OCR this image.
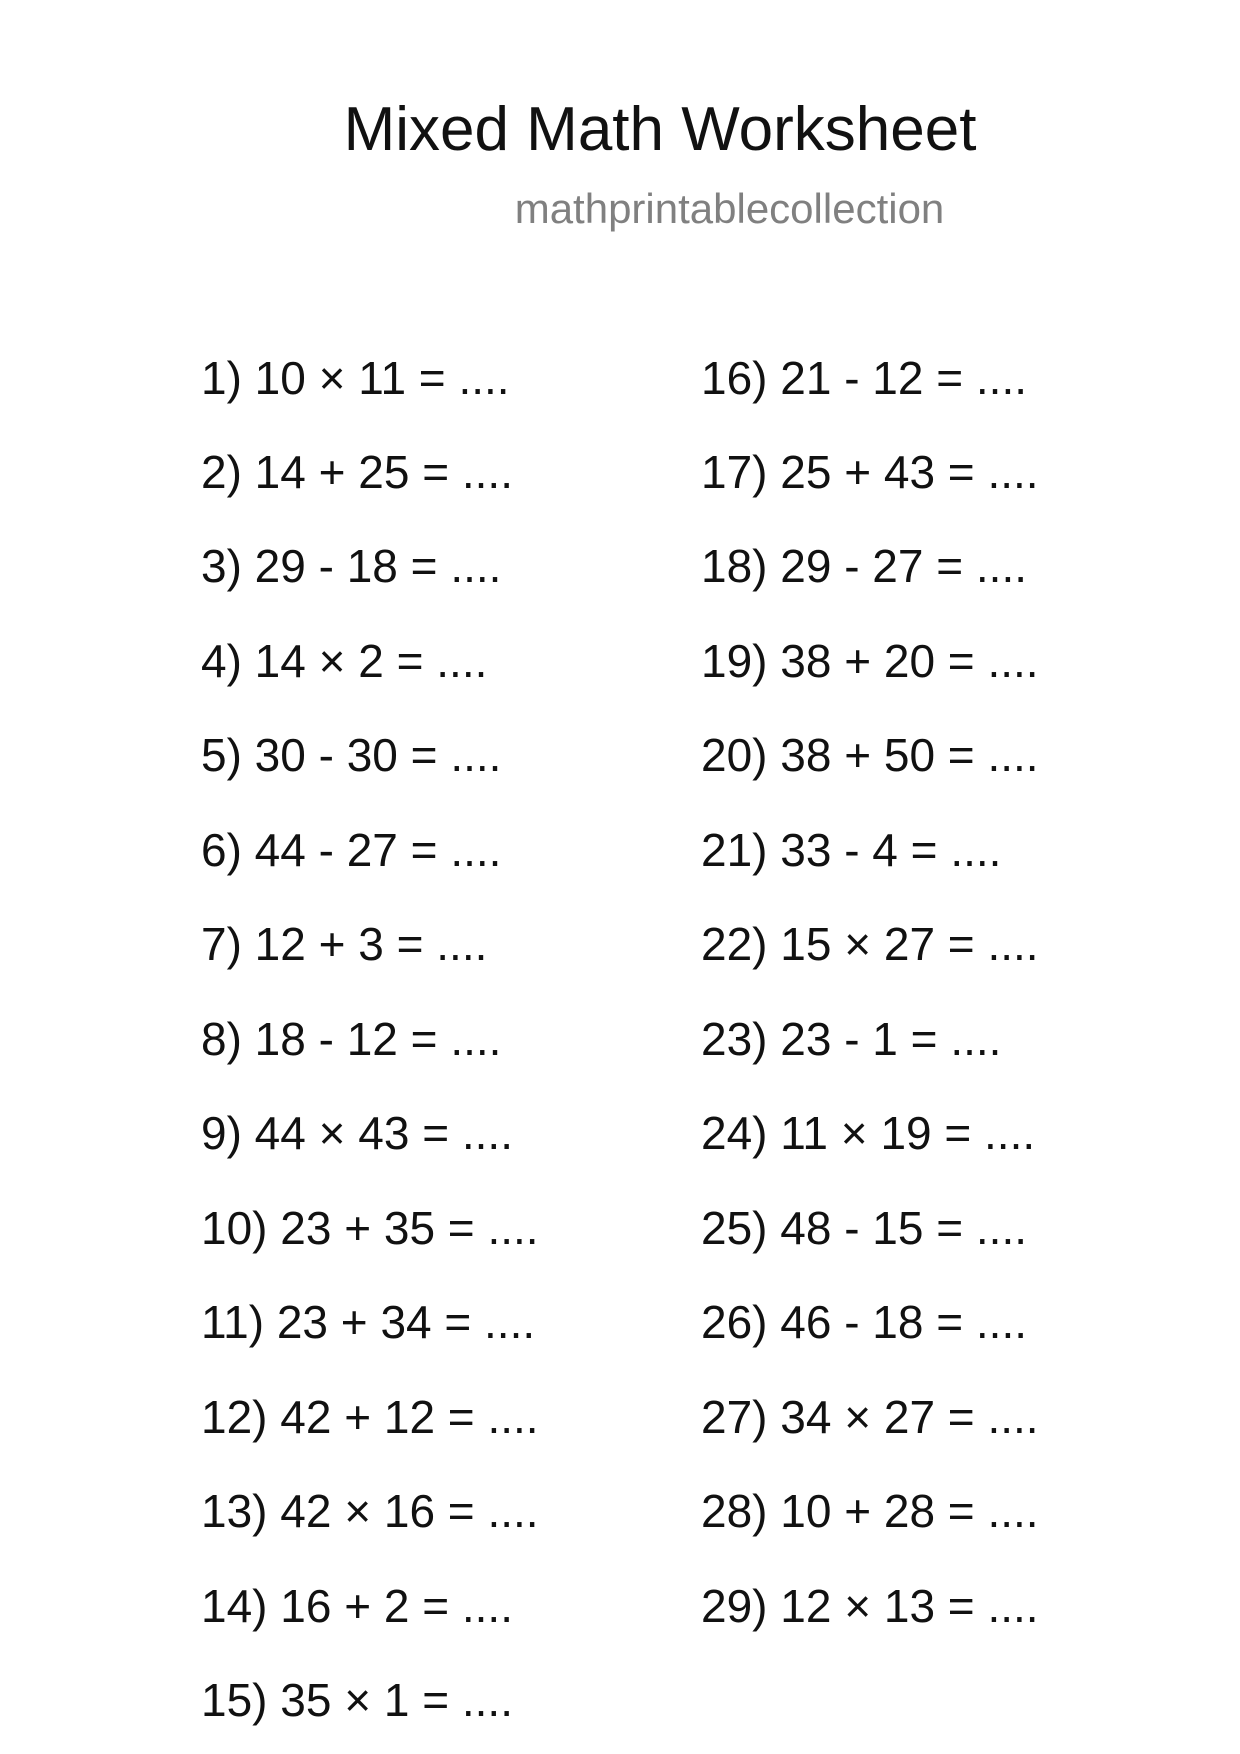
Mixed Math Worksheet
mathprintablecollection
1) 10 × 11 = ....
2) 14 + 25 = ....
3) 29 - 18 = ....
4) 14 × 2 = ....
5) 30 - 30 = ....
6) 44 - 27 = ....
7) 12 + 3 = ....
8) 18 - 12 = ....
9) 44 × 43 = ....
10) 23 + 35 = ....
11) 23 + 34 = ....
12) 42 + 12 = ....
13) 42 × 16 = ....
14) 16 + 2 = ....
15) 35 × 1 = ....
16) 21 - 12 = ....
17) 25 + 43 = ....
18) 29 - 27 = ....
19) 38 + 20 = ....
20) 38 + 50 = ....
21) 33 - 4 = ....
22) 15 × 27 = ....
23) 23 - 1 = ....
24) 11 × 19 = ....
25) 48 - 15 = ....
26) 46 - 18 = ....
27) 34 × 27 = ....
28) 10 + 28 = ....
29) 12 × 13 = ....
